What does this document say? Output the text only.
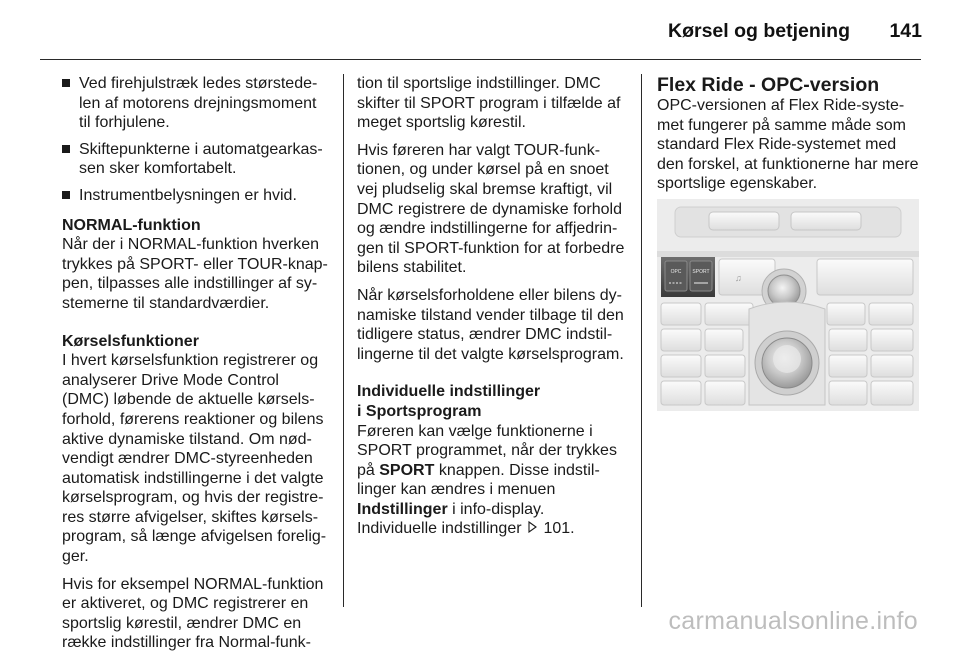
Kørsel og betjening 141
Ved firehjulstræk ledes størstede-len af motorens drejningsmoment til forhjulene.
Skiftepunkterne i automatgearkas-sen sker komfortabelt.
Instrumentbelysningen er hvid.
NORMAL-funktion

Når der i NORMAL-funktion hverken trykkes på SPORT- eller TOUR-knap-pen, tilpasses alle indstillinger af sy-stemerne til standardværdier.

Kørselsfunktioner

I hvert kørselsfunktion registrerer og analyserer Drive Mode Control (DMC) løbende de aktuelle kørsels-forhold, førerens reaktioner og bilens aktive dynamiske tilstand. Om nød-vendigt ændrer DMC-styreenheden automatisk indstillingerne i det valgte kørselsprogram, og hvis der registre-res større afvigelser, skiftes kørsels-program, så længe afvigelsen forelig-ger.

Hvis for eksempel NORMAL-funktion er aktiveret, og DMC registrerer en sportslig kørestil, ændrer DMC en række indstillinger fra Normal-funk-

tion til sportslige indstillinger. DMC skifter til SPORT program i tilfælde af meget sportslig kørestil.

Hvis føreren har valgt TOUR-funk-tionen, og under kørsel på en snoet vej pludselig skal bremse kraftigt, vil DMC registrere de dynamiske forhold og ændre indstillingerne for affjedrin-gen til SPORT-funktion for at forbedre bilens stabilitet.

Når kørselsforholdene eller bilens dy-namiske tilstand vender tilbage til den tidligere status, ændrer DMC indstil-lingerne til det valgte kørselsprogram.

Individuelle indstillinger
i Sportsprogram

Føreren kan vælge funktionerne i SPORT programmet, når der trykkes på SPORT knappen. Disse indstil-linger kan ændres i menuen Indstillinger i info-display. Individuelle indstillinger 101.

Flex Ride - OPC-version

OPC-versionen af Flex Ride-syste-met fungerer på samme måde som standard Flex Ride-systemet med den forskel, at funktionerne har mere sportslige egenskaber.

OPC SPORT
♫
carmanualsonline.info
